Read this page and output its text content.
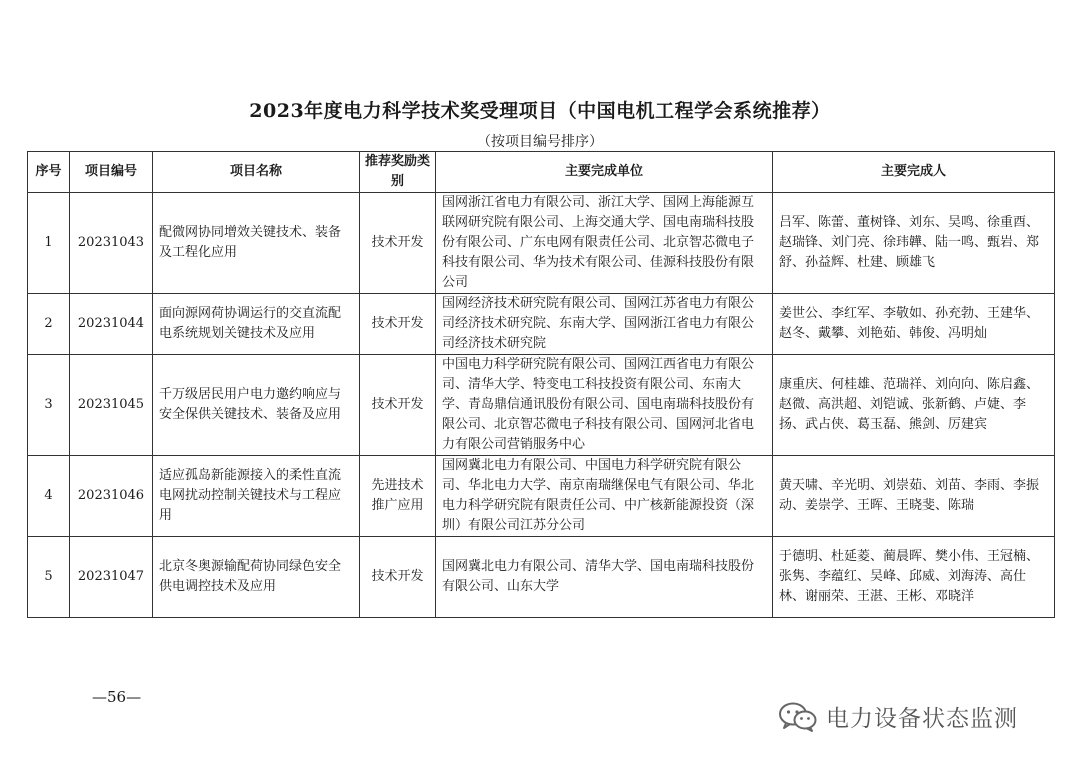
2023年度电力科学技术奖受理项目（中国电机工程学会系统推荐）
（按项目编号排序）
序号	项目编号	项目名称	推荐奖励类别	主要完成单位	主要完成人
1	20231043	配微网协同增效关键技术、装备及工程化应用	技术开发	国网浙江省电力有限公司、浙江大学、国网上海能源互联网研究院有限公司、上海交通大学、国电南瑞科技股份有限公司、广东电网有限责任公司、北京智芯微电子科技有限公司、华为技术有限公司、佳源科技股份有限公司	吕军、陈蕾、董树锋、刘东、吴鸣、徐重酉、赵瑞锋、刘门亮、徐玮韡、陆一鸣、甄岩、郑舒、孙益辉、杜建、顾雄飞
2	20231044	面向源网荷协调运行的交直流配电系统规划关键技术及应用	技术开发	国网经济技术研究院有限公司、国网江苏省电力有限公司经济技术研究院、东南大学、国网浙江省电力有限公司经济技术研究院	姜世公、李红军、李敬如、孙充勃、王建华、赵冬、戴攀、刘艳茹、韩俊、冯明灿
3	20231045	千万级居民用户电力邀约响应与安全保供关键技术、装备及应用	技术开发	中国电力科学研究院有限公司、国网江西省电力有限公司、清华大学、特变电工科技投资有限公司、东南大学、青岛鼎信通讯股份有限公司、国电南瑞科技股份有限公司、北京智芯微电子科技有限公司、国网河北省电力有限公司营销服务中心	康重庆、何桂雄、范瑞祥、刘向向、陈启鑫、赵微、高洪超、刘铠诚、张新鹤、卢婕、李扬、武占侠、葛玉磊、熊剑、厉建宾
4	20231046	适应孤岛新能源接入的柔性直流电网扰动控制关键技术与工程应用	先进技术推广应用	国网冀北电力有限公司、中国电力科学研究院有限公司、华北电力大学、南京南瑞继保电气有限公司、华北电力科学研究院有限责任公司、中广核新能源投资（深圳）有限公司江苏分公司	黄天啸、辛光明、刘崇茹、刘苗、李雨、李振动、姜崇学、王晖、王晓斐、陈瑞
5	20231047	北京冬奥源输配荷协同绿色安全供电调控技术及应用	技术开发	国网冀北电力有限公司、清华大学、国电南瑞科技股份有限公司、山东大学	于德明、杜延菱、蔺晨晖、樊小伟、王冠楠、张隽、李蕴红、吴峰、邱威、刘海涛、高仕林、谢丽荣、王湛、王彬、邓晓洋
—56—
电力设备状态监测
